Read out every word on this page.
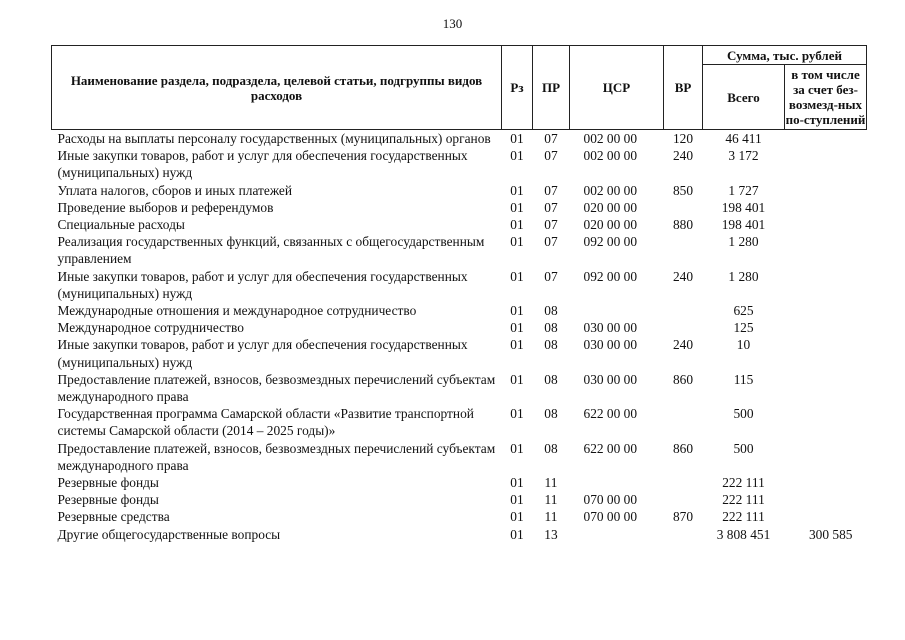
130
Наименование раздела, подраздела, целевой статьи, подгруппы видов расходов	Рз	ПР	ЦСР	ВР	Сумма, тыс. рублей	
					Всего	в том числе за счет без-возмезд-ных по-ступлений
Расходы на выплаты персоналу государственных (муниципальных) органов	01	07	002 00 00	120	46 411	
Иные закупки товаров, работ и услуг для обеспечения государственных (муниципальных) нужд	01	07	002 00 00	240	3 172	
Уплата налогов, сборов и иных платежей	01	07	002 00 00	850	1 727	
Проведение выборов и референдумов	01	07	020 00 00		198 401	
Специальные расходы	01	07	020 00 00	880	198 401	
Реализация государственных функций, связанных с общегосударственным управлением	01	07	092 00 00		1 280	
Иные закупки товаров, работ и услуг для обеспечения государственных (муниципальных) нужд	01	07	092 00 00	240	1 280	
Международные отношения и международное сотрудничество	01	08			625	
Международное сотрудничество	01	08	030 00 00		125	
Иные закупки товаров, работ и услуг для обеспечения государственных (муниципальных) нужд	01	08	030 00 00	240	10	
Предоставление платежей, взносов, безвозмездных перечислений субъектам международного права	01	08	030 00 00	860	115	
Государственная программа Самарской области «Развитие транспортной системы Самарской области (2014 – 2025 годы)»	01	08	622 00 00		500	
Предоставление платежей, взносов, безвозмездных перечислений субъектам международного права	01	08	622 00 00	860	500	
Резервные фонды	01	11			222 111	
Резервные фонды	01	11	070 00 00		222 111	
Резервные средства	01	11	070 00 00	870	222 111	
Другие общегосударственные вопросы	01	13			3 808 451	300 585
